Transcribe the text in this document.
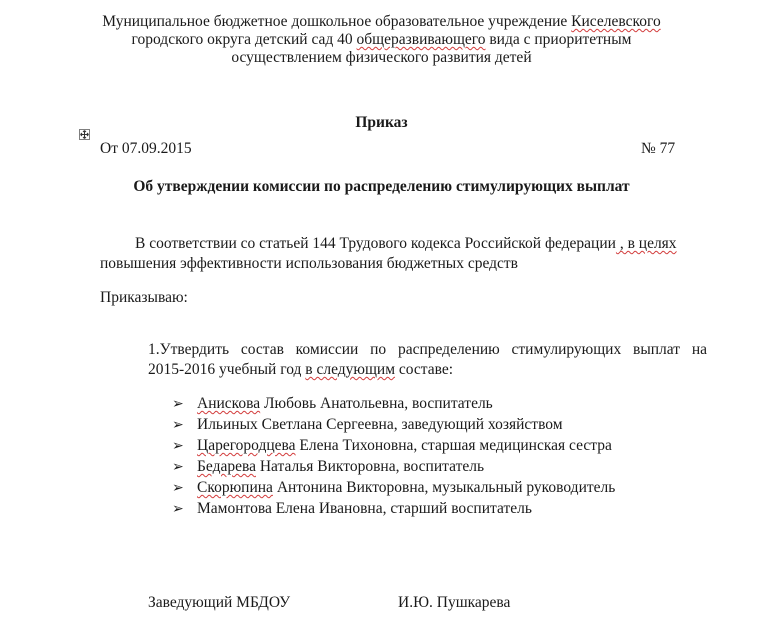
Муниципальное бюджетное дошкольное образовательное учреждение Киселевского
городского округа детский сад 40 общеразвивающего вида с приоритетным
осуществлением физического развития детей
Приказ
От 07.09.2015	№ 77
Об утверждении комиссии по распределению стимулирующих выплат
В соответствии со статьей 144 Трудового кодекса Российской федерации , в целях
повышения эффективности использования бюджетных средств
Приказываю:
1.Утвердить состав комиссии по распределению стимулирующих выплат на
2015-2016 учебный год в следующим составе:
➢ Анискова Любовь Анатольевна, воспитатель
➢ Ильиных Светлана Сергеевна, заведующий хозяйством
➢ Царегородцева Елена Тихоновна, старшая медицинская сестра
➢ Бедарева Наталья Викторовна, воспитатель
➢ Скорюпина Антонина Викторовна, музыкальный руководитель
➢ Мамонтова Елена Ивановна, старший воспитатель
Заведующий МБДОУ	И.Ю. Пушкарева
